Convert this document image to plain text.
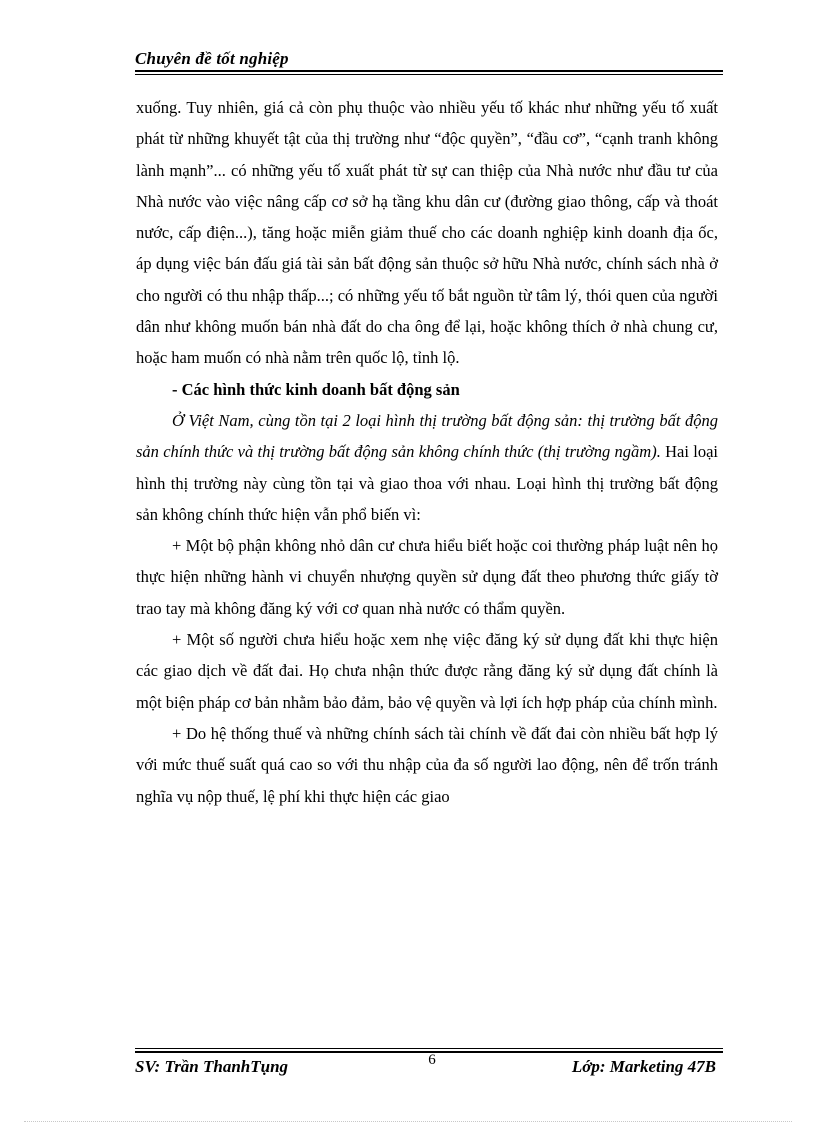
Chuyên đề tốt nghiệp

xuống. Tuy nhiên, giá cả còn phụ thuộc vào nhiều yếu tố khác như những yếu tố xuất phát từ những khuyết tật của thị trường như “độc quyền”, “đầu cơ”, “cạnh tranh không lành mạnh”... có những yếu tố xuất phát từ sự can thiệp của Nhà nước như đầu tư của Nhà nước vào việc nâng cấp cơ sở hạ tầng khu dân cư (đường giao thông, cấp và thoát nước, cấp điện...), tăng hoặc miễn giảm thuế cho các doanh nghiệp kinh doanh địa ốc, áp dụng việc bán đấu giá tài sản bất động sản thuộc sở hữu Nhà nước, chính sách nhà ở cho người có thu nhập thấp...; có những yếu tố bắt nguồn từ tâm lý, thói quen của người dân như không muốn bán nhà đất do cha ông để lại, hoặc không thích ở nhà chung cư, hoặc ham muốn có nhà nằm trên quốc lộ, tỉnh lộ.

- Các hình thức kinh doanh bất động sản

Ở Việt Nam, cùng tồn tại 2 loại hình thị trường bất động sản: thị trường bất động sản chính thức và thị trường bất động sản không chính thức (thị trường ngầm). Hai loại hình thị trường này cùng tồn tại và giao thoa với nhau. Loại hình thị trường bất động sản không chính thức hiện vẫn phổ biến vì:

+ Một bộ phận không nhỏ dân cư chưa hiểu biết hoặc coi thường pháp luật nên họ thực hiện những hành vi chuyển nhượng quyền sử dụng đất theo phương thức giấy tờ trao tay mà không đăng ký với cơ quan nhà nước có thẩm quyền.

+ Một số người chưa hiểu hoặc xem nhẹ việc đăng ký sử dụng đất khi thực hiện các giao dịch về đất đai. Họ chưa nhận thức được rằng đăng ký sử dụng đất chính là một biện pháp cơ bản nhằm bảo đảm, bảo vệ quyền và lợi ích hợp pháp của chính mình.

+ Do hệ thống thuế và những chính sách tài chính về đất đai còn nhiều bất hợp lý với mức thuế suất quá cao so với thu nhập của đa số người lao động, nên để trốn tránh nghĩa vụ nộp thuế, lệ phí khi thực hiện các giao

SV: Trần ThanhTụng	6	Lớp: Marketing 47B
